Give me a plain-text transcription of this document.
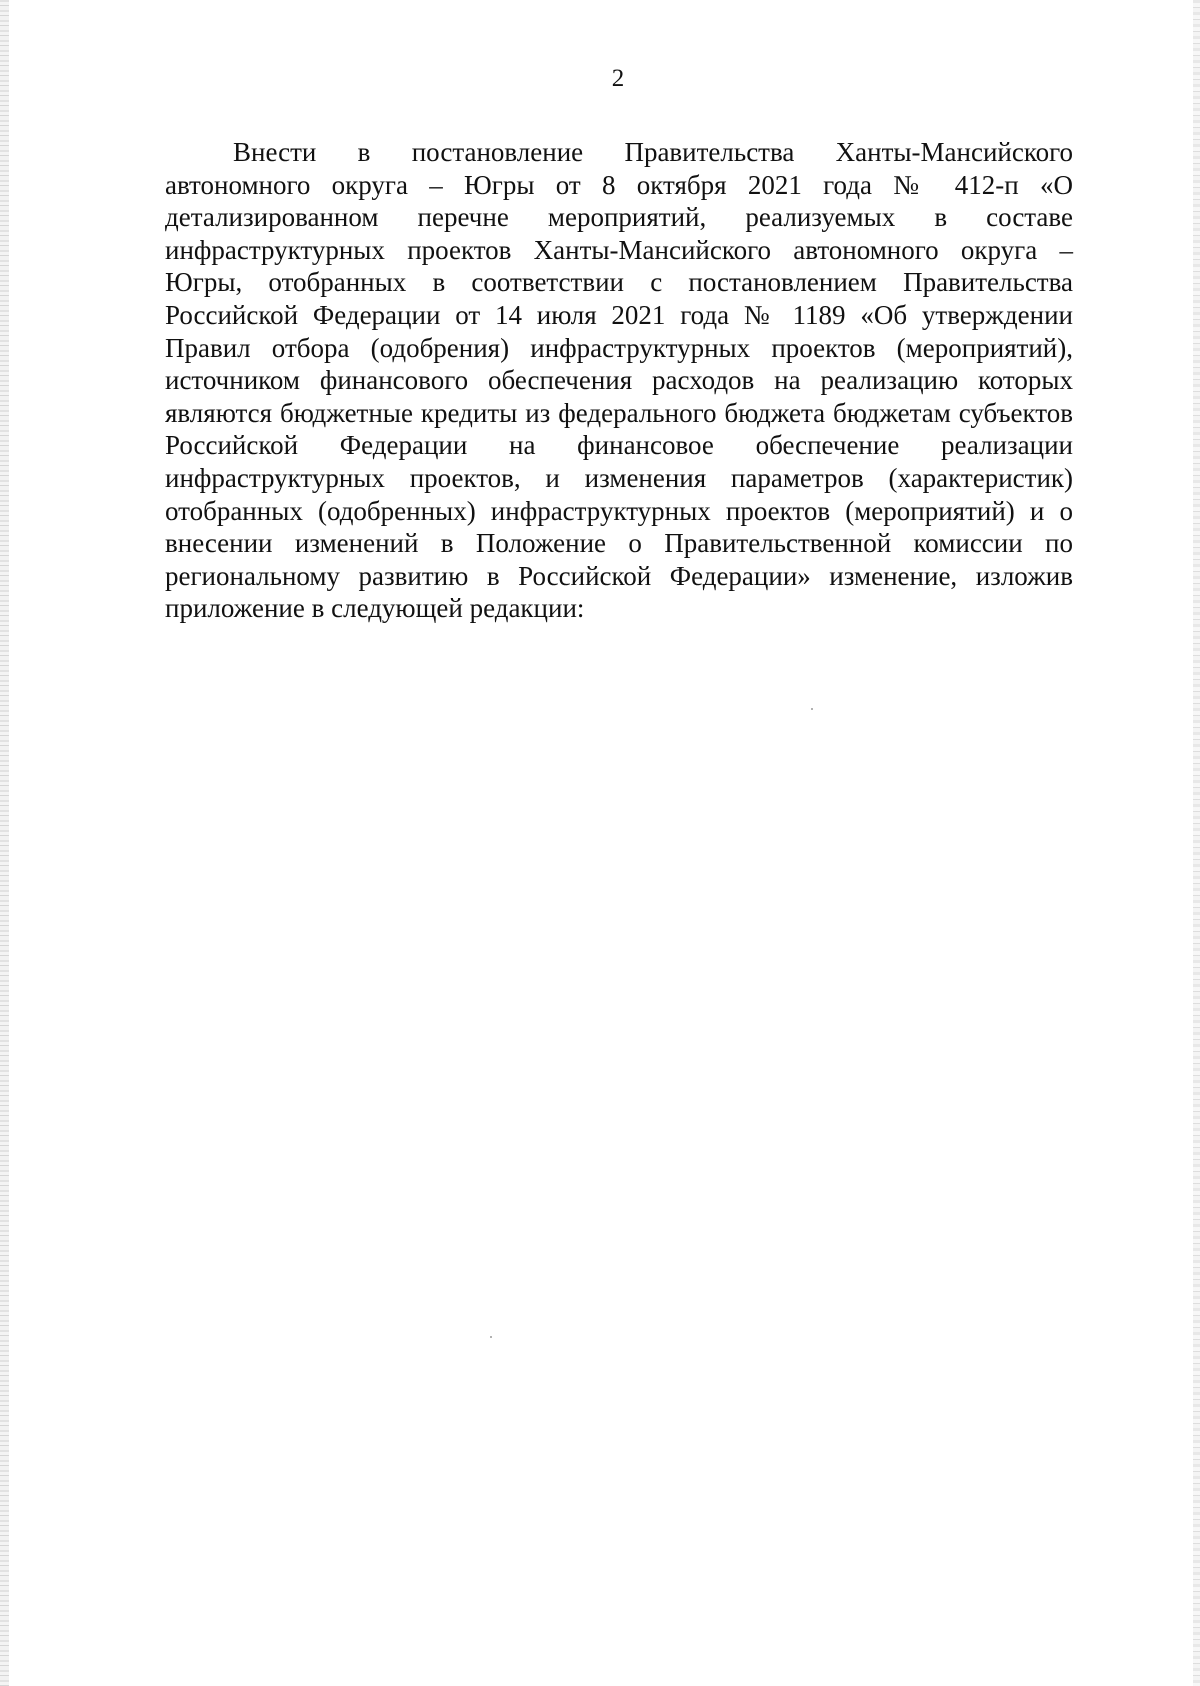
2

Внести в постановление Правительства Ханты-Мансийского автономного округа – Югры от 8 октября 2021 года № 412-п «О детализированном перечне мероприятий, реализуемых в составе инфраструктурных проектов Ханты-Мансийского автономного округа – Югры, отобранных в соответствии с постановлением Правительства Российской Федерации от 14 июля 2021 года № 1189 «Об утверждении Правил отбора (одобрения) инфраструктурных проектов (мероприятий), источником финансового обеспечения расходов на реализацию которых являются бюджетные кредиты из федерального бюджета бюджетам субъектов Российской Федерации на финансовое обеспечение реализации инфраструктурных проектов, и изменения параметров (характеристик) отобранных (одобренных) инфраструктурных проектов (мероприятий) и о внесении изменений в Положение о Правительственной комиссии по региональному развитию в Российской Федерации» изменение, изложив приложение в следующей редакции:
